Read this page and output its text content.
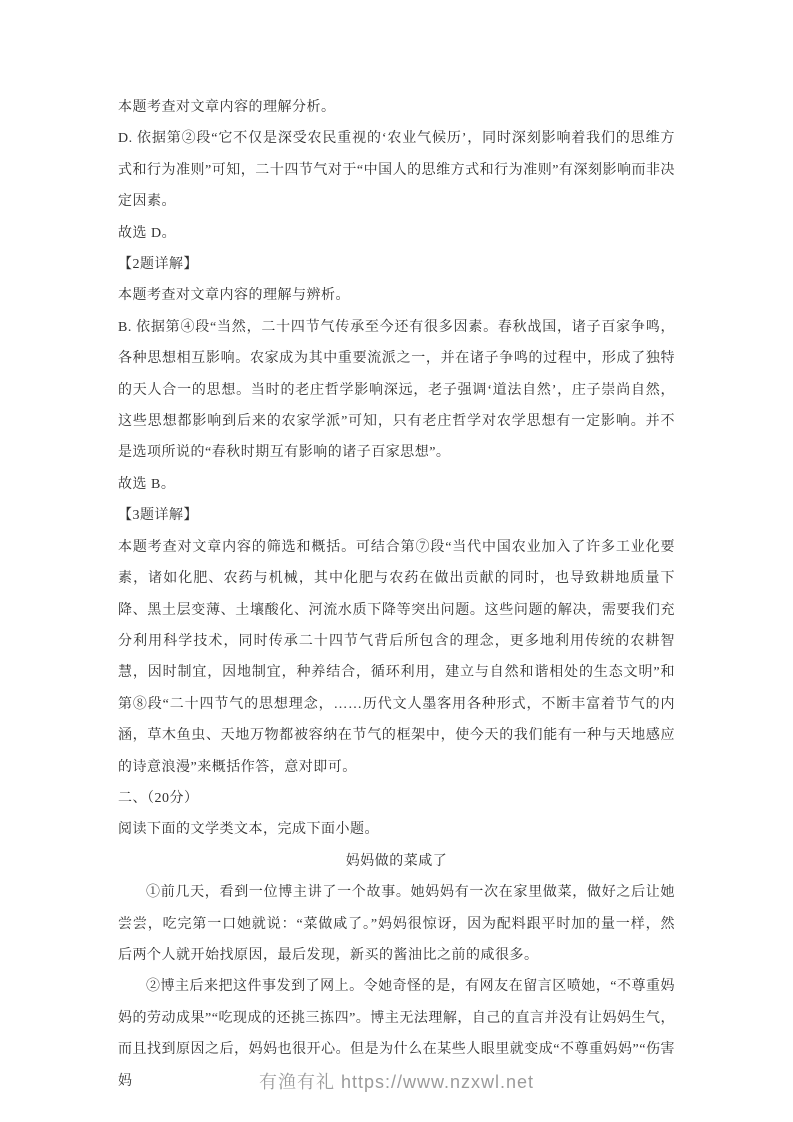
本题考查对文章内容的理解分析。

D. 依据第②段“它不仅是深受农民重视的‘农业气候历’，同时深刻影响着我们的思维方式和行为准则”可知，二十四节气对于“中国人的思维方式和行为准则”有深刻影响而非决定因素。

故选 D。

【2题详解】

本题考查对文章内容的理解与辨析。

B. 依据第④段“当然，二十四节气传承至今还有很多因素。春秋战国，诸子百家争鸣，各种思想相互影响。农家成为其中重要流派之一，并在诸子争鸣的过程中，形成了独特的天人合一的思想。当时的老庄哲学影响深远，老子强调‘道法自然’，庄子崇尚自然，这些思想都影响到后来的农家学派”可知，只有老庄哲学对农学思想有一定影响。并不是选项所说的“春秋时期互有影响的诸子百家思想”。

故选 B。

【3题详解】

本题考查对文章内容的筛选和概括。可结合第⑦段“当代中国农业加入了许多工业化要素，诸如化肥、农药与机械，其中化肥与农药在做出贡献的同时，也导致耕地质量下降、黑土层变薄、土壤酸化、河流水质下降等突出问题。这些问题的解决，需要我们充分利用科学技术，同时传承二十四节气背后所包含的理念，更多地利用传统的农耕智慧，因时制宜，因地制宜，种养结合，循环利用，建立与自然和谐相处的生态文明”和第⑧段“二十四节气的思想理念，……历代文人墨客用各种形式，不断丰富着节气的内涵，草木鱼虫、天地万物都被容纳在节气的框架中，使今天的我们能有一种与天地感应的诗意浪漫”来概括作答，意对即可。

二、（20分）

阅读下面的文学类文本，完成下面小题。

妈妈做的菜咸了

①前几天，看到一位博主讲了一个故事。她妈妈有一次在家里做菜，做好之后让她尝尝，吃完第一口她就说：“菜做咸了。”妈妈很惊讶，因为配料跟平时加的量一样，然后两个人就开始找原因，最后发现，新买的酱油比之前的咸很多。

②博主后来把这件事发到了网上。令她奇怪的是，有网友在留言区喷她，“不尊重妈妈的劳动成果”“吃现成的还挑三拣四”。博主无法理解，自己的直言并没有让妈妈生气，而且找到原因之后，妈妈也很开心。但是为什么在某些人眼里就变成“不尊重妈妈”“伤害妈	有渔有礼 https://www.nzxwl.net
